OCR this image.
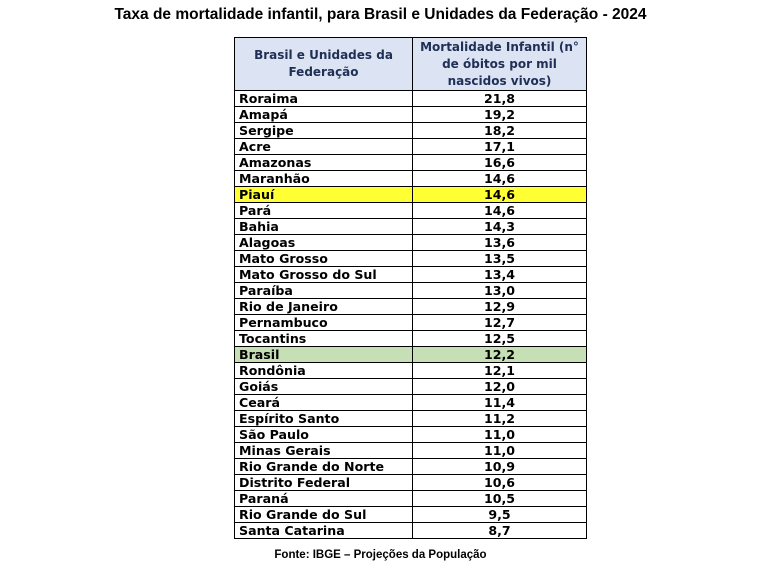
Taxa de mortalidade infantil, para Brasil e Unidades da Federação - 2024
Brasil e Unidades da Federação	Mortalidade Infantil (n° de óbitos por mil nascidos vivos)
Roraima	21,8
Amapá	19,2
Sergipe	18,2
Acre	17,1
Amazonas	16,6
Maranhão	14,6
Piauí	14,6
Pará	14,6
Bahia	14,3
Alagoas	13,6
Mato Grosso	13,5
Mato Grosso do Sul	13,4
Paraíba	13,0
Rio de Janeiro	12,9
Pernambuco	12,7
Tocantins	12,5
Brasil	12,2
Rondônia	12,1
Goiás	12,0
Ceará	11,4
Espírito Santo	11,2
São Paulo	11,0
Minas Gerais	11,0
Rio Grande do Norte	10,9
Distrito Federal	10,6
Paraná	10,5
Rio Grande do Sul	9,5
Santa Catarina	8,7
Fonte: IBGE – Projeções da População
